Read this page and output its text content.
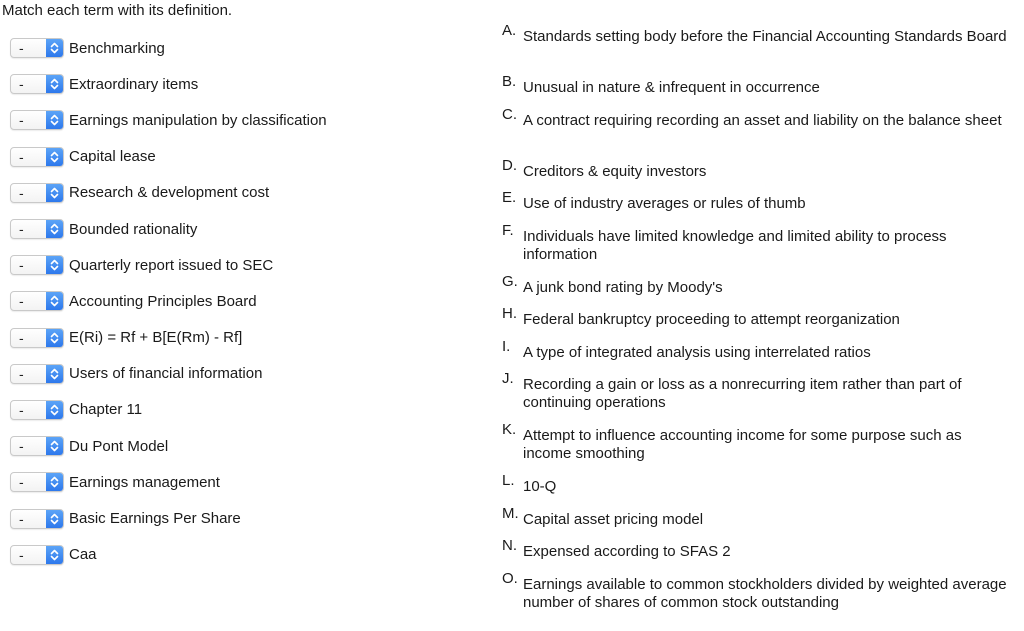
Match each term with its definition.
-	Benchmarking
-	Extraordinary items
-	Earnings manipulation by classification
-	Capital lease
-	Research & development cost
-	Bounded rationality
-	Quarterly report issued to SEC
-	Accounting Principles Board
-	E(Ri) = Rf + B[E(Rm) - Rf]
-	Users of financial information
-	Chapter 11
-	Du Pont Model
-	Earnings management
-	Basic Earnings Per Share
-	Caa
A. Standards setting body before the Financial Accounting Standards Board
B. Unusual in nature & infrequent in occurrence
C. A contract requiring recording an asset and liability on the balance sheet
D. Creditors & equity investors
E. Use of industry averages or rules of thumb
F. Individuals have limited knowledge and limited ability to process information
G. A junk bond rating by Moody's
H. Federal bankruptcy proceeding to attempt reorganization
I. A type of integrated analysis using interrelated ratios
J. Recording a gain or loss as a nonrecurring item rather than part of continuing operations
K. Attempt to influence accounting income for some purpose such as income smoothing
L. 10-Q
M. Capital asset pricing model
N. Expensed according to SFAS 2
O. Earnings available to common stockholders divided by weighted average number of shares of common stock outstanding
